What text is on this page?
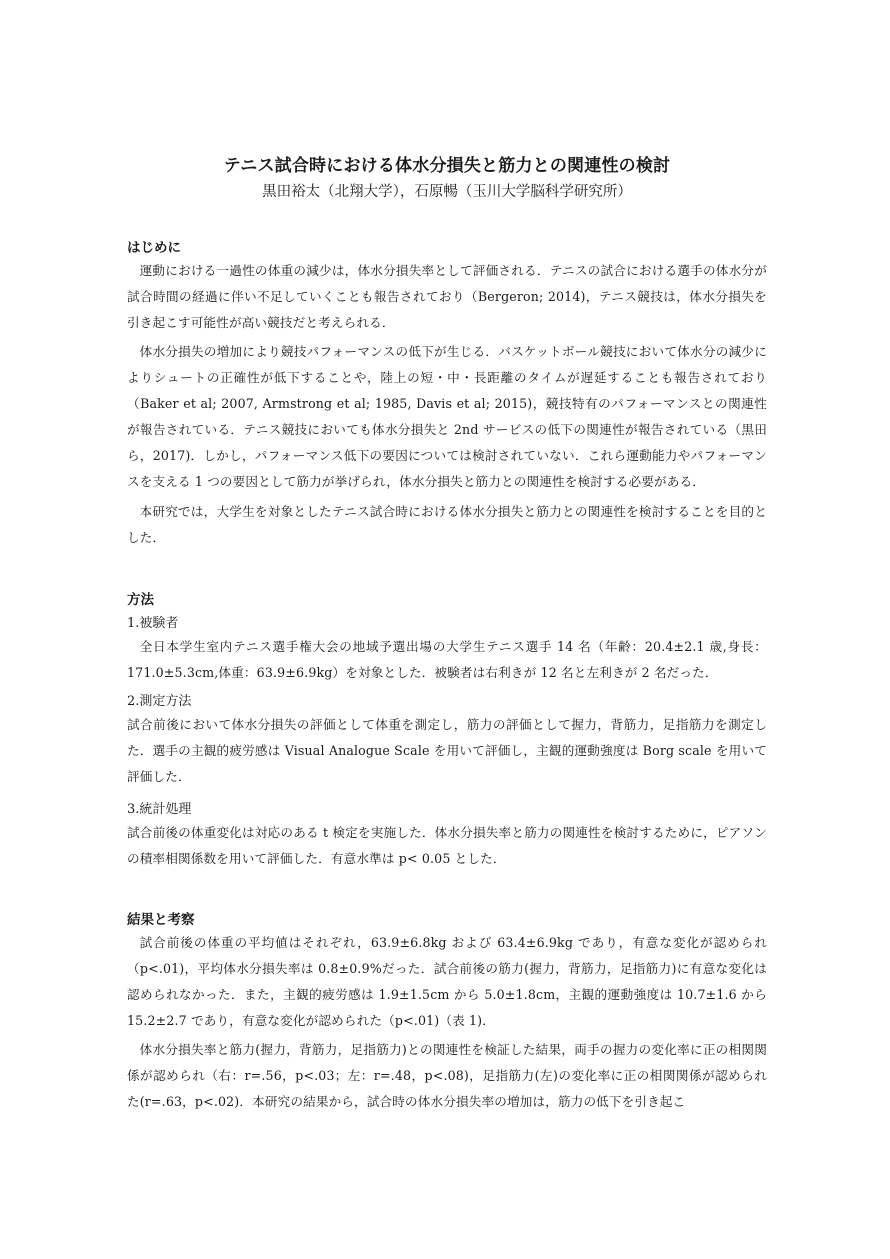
テニス試合時における体水分損失と筋力との関連性の検討
黒田裕太（北翔大学），石原暢（玉川大学脳科学研究所）
はじめに

運動における一過性の体重の減少は，体水分損失率として評価される．テニスの試合における選手の体水分が試合時間の経過に伴い不足していくことも報告されており（Bergeron; 2014)，テニス競技は，体水分損失を引き起こす可能性が高い競技だと考えられる．

体水分損失の増加により競技パフォーマンスの低下が生じる．バスケットボール競技において体水分の減少によりシュートの正確性が低下することや，陸上の短・中・長距離のタイムが遅延することも報告されており（Baker et al; 2007, Armstrong et al; 1985, Davis et al; 2015)，競技特有のパフォーマンスとの関連性が報告されている．テニス競技においても体水分損失と 2nd サービスの低下の関連性が報告されている（黒田ら，2017)．しかし，パフォーマンス低下の要因については検討されていない．これら運動能力やパフォーマンスを支える 1 つの要因として筋力が挙げられ，体水分損失と筋力との関連性を検討する必要がある．

本研究では，大学生を対象としたテニス試合時における体水分損失と筋力との関連性を検討することを目的とした．

方法
1.被験者

全日本学生室内テニス選手権大会の地域予選出場の大学生テニス選手 14 名（年齢：20.4±2.1 歳,身長：171.0±5.3cm,体重：63.9±6.9kg）を対象とした．被験者は右利きが 12 名と左利きが 2 名だった．

2.測定方法

試合前後において体水分損失の評価として体重を測定し，筋力の評価として握力，背筋力，足指筋力を測定した．選手の主観的疲労感は Visual Analogue Scale を用いて評価し，主観的運動強度は Borg scale を用いて評価した．

3.統計処理

試合前後の体重変化は対応のある t 検定を実施した．体水分損失率と筋力の関連性を検討するために，ピアソンの積率相関係数を用いて評価した．有意水準は p< 0.05 とした．

結果と考察

試合前後の体重の平均値はそれぞれ，63.9±6.8kg および 63.4±6.9kg であり，有意な変化が認められ（p<.01)，平均体水分損失率は 0.8±0.9%だった．試合前後の筋力(握力，背筋力，足指筋力)に有意な変化は認められなかった．また，主観的疲労感は 1.9±1.5cm から 5.0±1.8cm，主観的運動強度は 10.7±1.6 から 15.2±2.7 であり，有意な変化が認められた（p<.01)（表 1)．

体水分損失率と筋力(握力，背筋力，足指筋力)との関連性を検証した結果，両手の握力の変化率に正の相関関係が認められ（右：r=.56，p<.03；左：r=.48，p<.08)，足指筋力(左)の変化率に正の相関関係が認められた(r=.63，p<.02)．本研究の結果から，試合時の体水分損失率の増加は，筋力の低下を引き起こ
